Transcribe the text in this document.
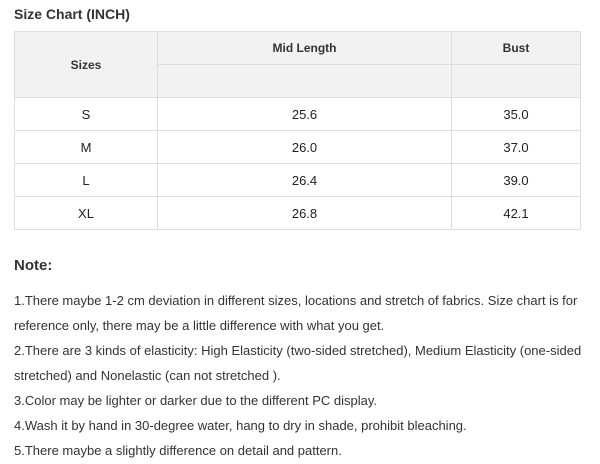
Size Chart (INCH)
Sizes	Mid Length	Bust

S	25.6	35.0
M	26.0	37.0
L	26.4	39.0
XL	26.8	42.1
Note:

1.There maybe 1-2 cm deviation in different sizes, locations and stretch of fabrics. Size chart is for reference only, there may be a little difference with what you get.

2.There are 3 kinds of elasticity: High Elasticity (two-sided stretched), Medium Elasticity (one-sided stretched) and Nonelastic (can not stretched ).

3.Color may be lighter or darker due to the different PC display.

4.Wash it by hand in 30-degree water, hang to dry in shade, prohibit bleaching.

5.There maybe a slightly difference on detail and pattern.
